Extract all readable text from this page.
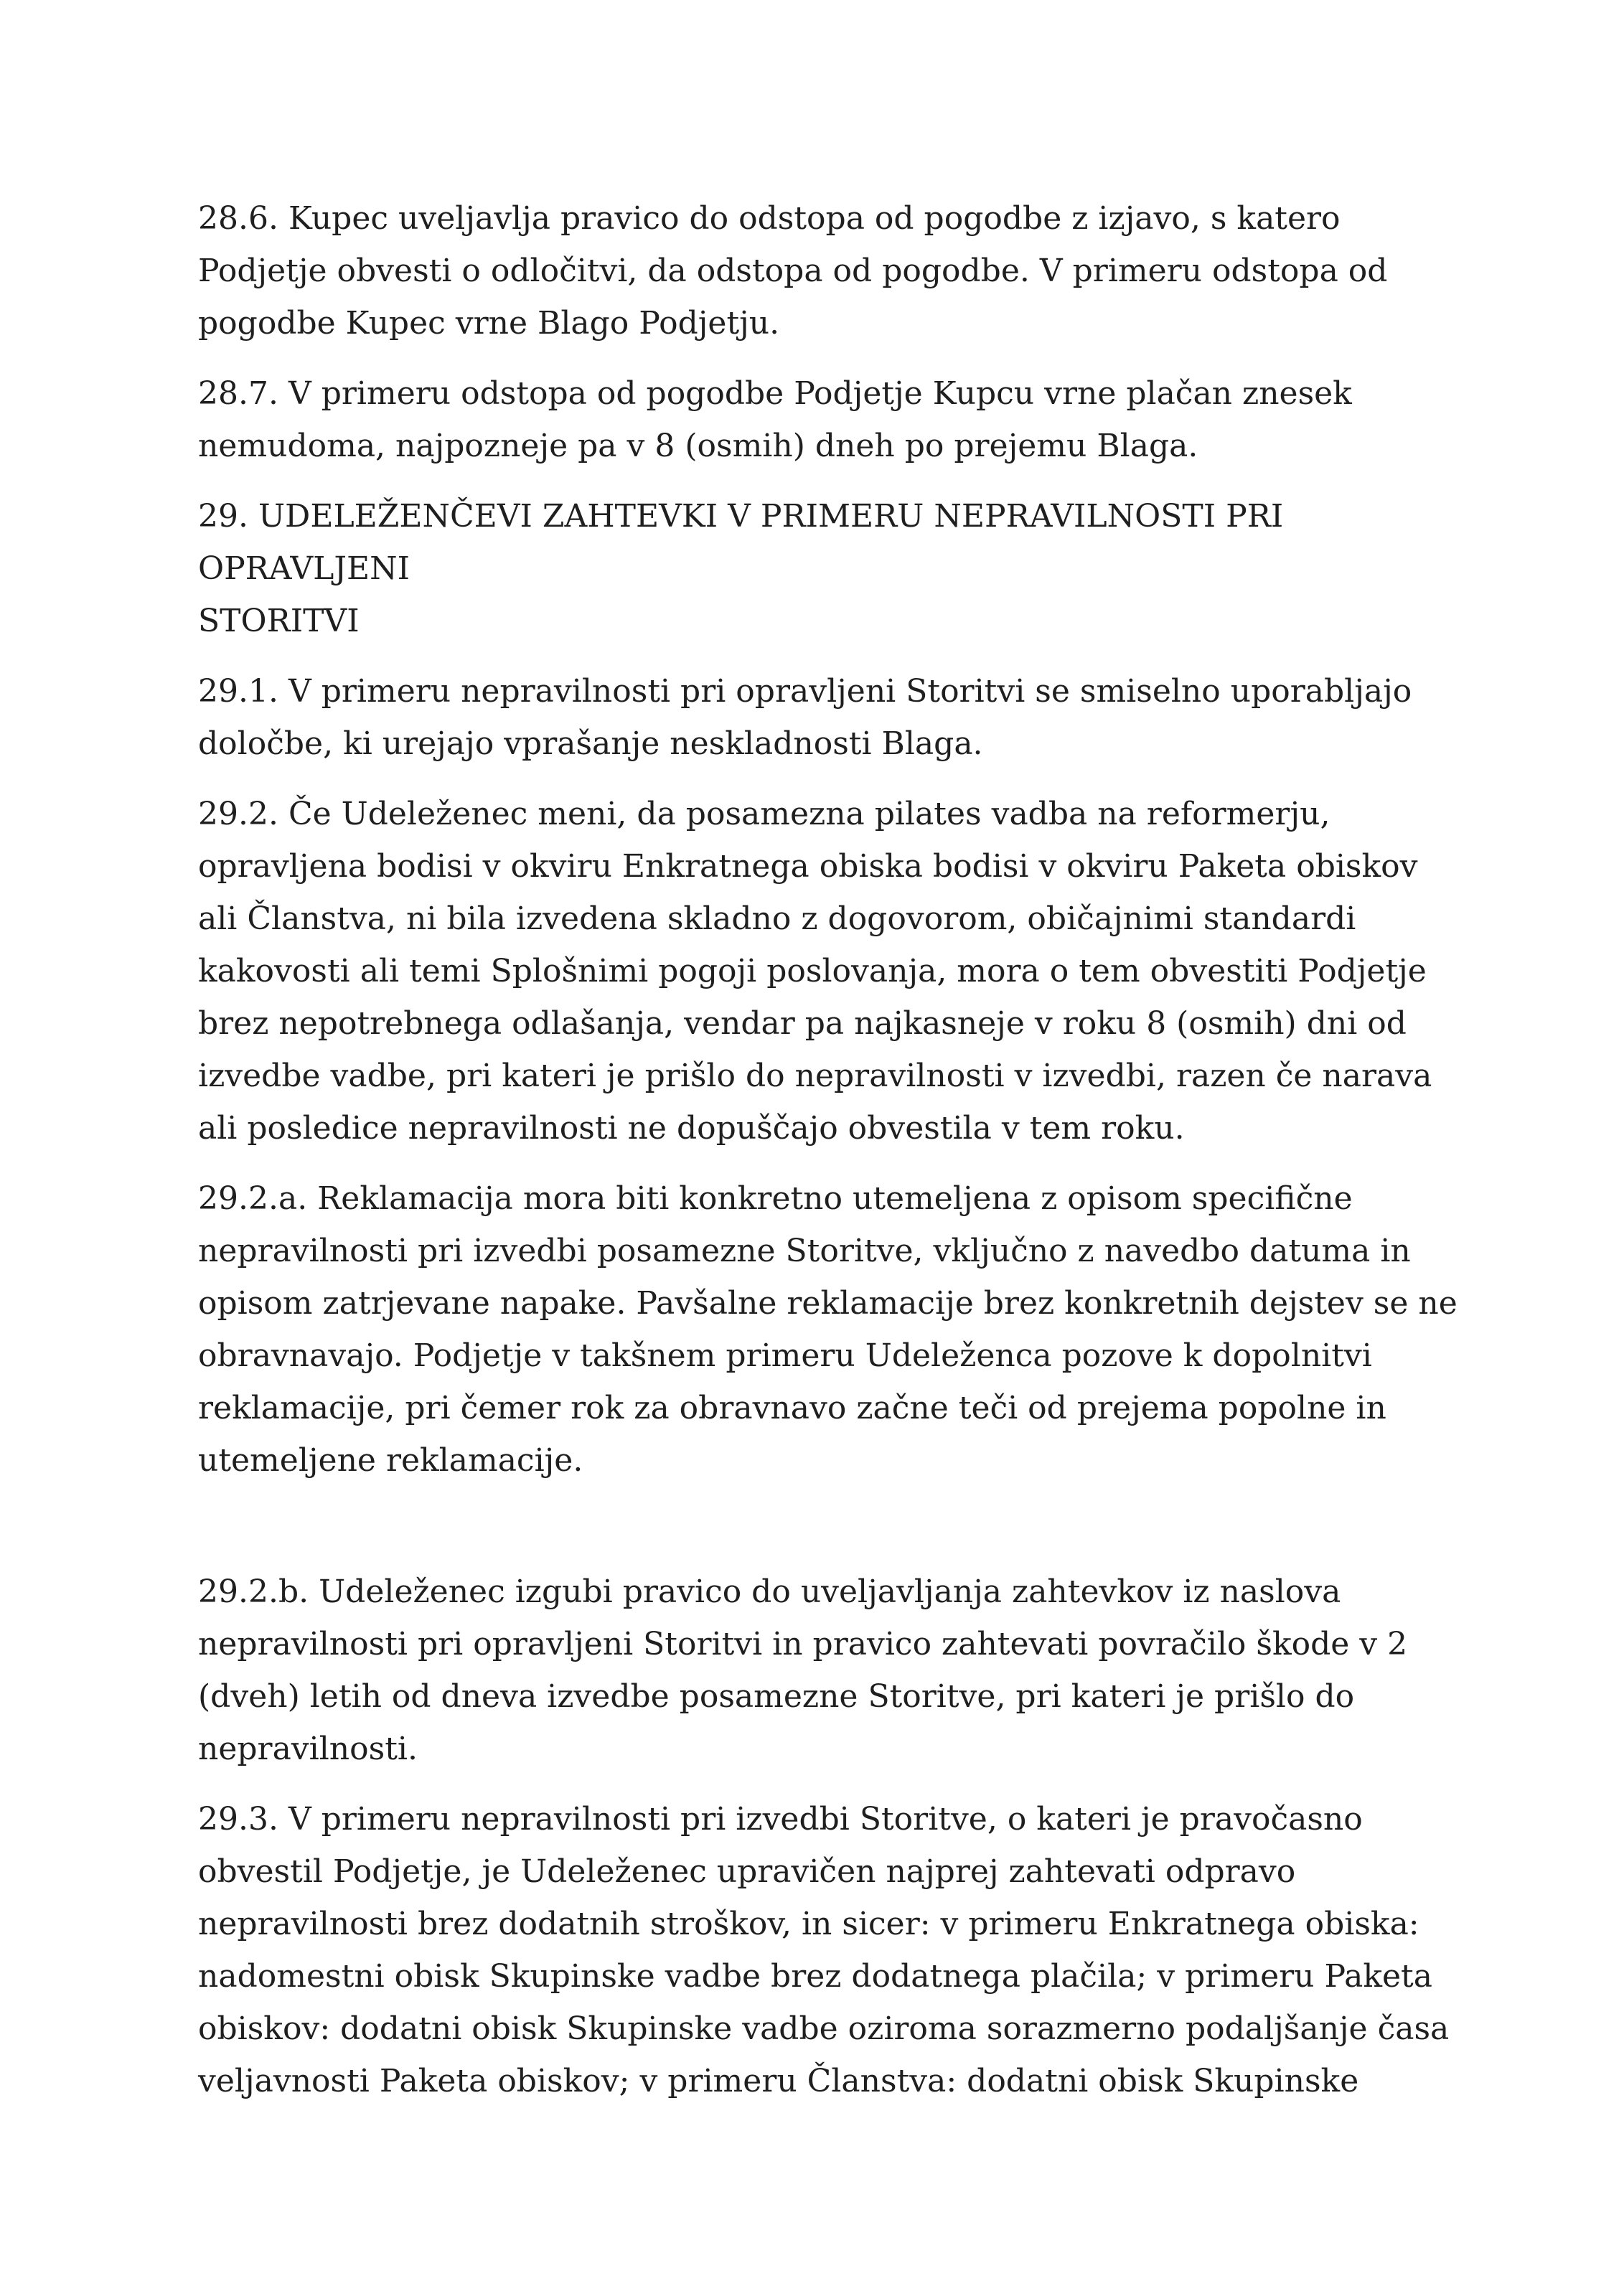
28.6. Kupec uveljavlja pravico do odstopa od pogodbe z izjavo, s katero
Podjetje obvesti o odločitvi, da odstopa od pogodbe. V primeru odstopa od
pogodbe Kupec vrne Blago Podjetju.

28.7. V primeru odstopa od pogodbe Podjetje Kupcu vrne plačan znesek
nemudoma, najpozneje pa v 8 (osmih) dneh po prejemu Blaga.

29. UDELEŽENČEVI ZAHTEVKI V PRIMERU NEPRAVILNOSTI PRI OPRAVLJENI
STORITVI

29.1. V primeru nepravilnosti pri opravljeni Storitvi se smiselno uporabljajo
določbe, ki urejajo vprašanje neskladnosti Blaga.

29.2. Če Udeleženec meni, da posamezna pilates vadba na reformerju,
opravljena bodisi v okviru Enkratnega obiska bodisi v okviru Paketa obiskov
ali Članstva, ni bila izvedena skladno z dogovorom, običajnimi standardi
kakovosti ali temi Splošnimi pogoji poslovanja, mora o tem obvestiti Podjetje
brez nepotrebnega odlašanja, vendar pa najkasneje v roku 8 (osmih) dni od
izvedbe vadbe, pri kateri je prišlo do nepravilnosti v izvedbi, razen če narava
ali posledice nepravilnosti ne dopuščajo obvestila v tem roku.

29.2.a. Reklamacija mora biti konkretno utemeljena z opisom specifične
nepravilnosti pri izvedbi posamezne Storitve, vključno z navedbo datuma in
opisom zatrjevane napake. Pavšalne reklamacije brez konkretnih dejstev se ne
obravnavajo. Podjetje v takšnem primeru Udeleženca pozove k dopolnitvi
reklamacije, pri čemer rok za obravnavo začne teči od prejema popolne in
utemeljene reklamacije.

29.2.b. Udeleženec izgubi pravico do uveljavljanja zahtevkov iz naslova
nepravilnosti pri opravljeni Storitvi in pravico zahtevati povračilo škode v 2
(dveh) letih od dneva izvedbe posamezne Storitve, pri kateri je prišlo do
nepravilnosti.

29.3. V primeru nepravilnosti pri izvedbi Storitve, o kateri je pravočasno
obvestil Podjetje, je Udeleženec upravičen najprej zahtevati odpravo
nepravilnosti brez dodatnih stroškov, in sicer: v primeru Enkratnega obiska:
nadomestni obisk Skupinske vadbe brez dodatnega plačila; v primeru Paketa
obiskov: dodatni obisk Skupinske vadbe oziroma sorazmerno podaljšanje časa
veljavnosti Paketa obiskov; v primeru Članstva: dodatni obisk Skupinske
